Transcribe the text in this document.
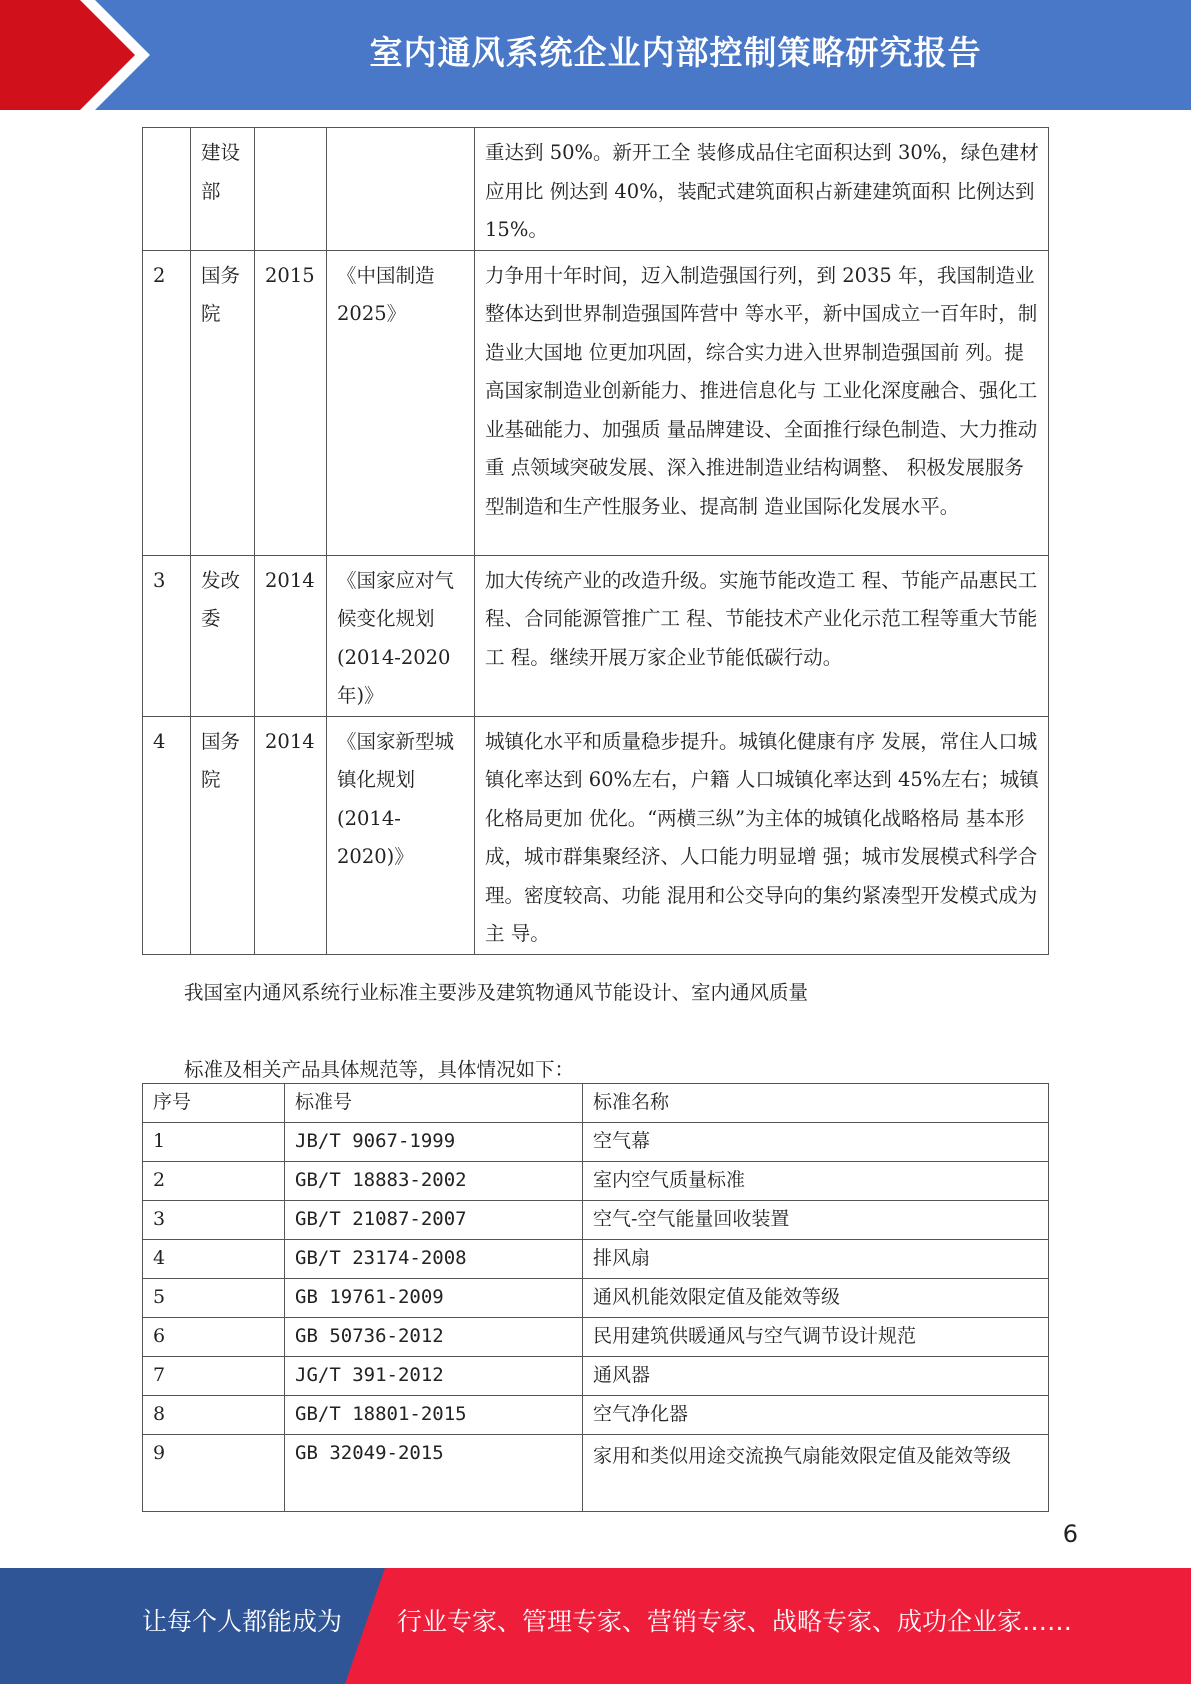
室内通风系统企业内部控制策略研究报告
	建设部			重达到 50%。新开工全 装修成品住宅面积达到 30%，绿色建材应用比 例达到 40%，装配式建筑面积占新建建筑面积 比例达到 15%。
2	国务院	2015	《中国制造2025》	力争用十年时间，迈入制造强国行列，到 2035 年，我国制造业整体达到世界制造强国阵营中 等水平，新中国成立一百年时，制造业大国地 位更加巩固，综合实力进入世界制造强国前 列。提高国家制造业创新能力、推进信息化与 工业化深度融合、强化工业基础能力、加强质 量品牌建设、全面推行绿色制造、大力推动重 点领域突破发展、深入推进制造业结构调整、 积极发展服务型制造和生产性服务业、提高制 造业国际化发展水平。
3	发改委	2014	《国家应对气候变化规划(2014-2020年)》	加大传统产业的改造升级。实施节能改造工 程、节能产品惠民工程、合同能源管推广工 程、节能技术产业化示范工程等重大节能工 程。继续开展万家企业节能低碳行动。
4	国务院	2014	《国家新型城镇化规划(2014-2020)》	城镇化水平和质量稳步提升。城镇化健康有序 发展，常住人口城镇化率达到 60%左右，户籍 人口城镇化率达到 45%左右；城镇化格局更加 优化。“两横三纵”为主体的城镇化战略格局 基本形成，城市群集聚经济、人口能力明显增 强；城市发展模式科学合理。密度较高、功能 混用和公交导向的集约紧凑型开发模式成为主 导。

我国室内通风系统行业标准主要涉及建筑物通风节能设计、室内通风质量

标准及相关产品具体规范等，具体情况如下：

序号	标准号	标准名称
1	JB/T 9067-1999	空气幕
2	GB/T 18883-2002	室内空气质量标准
3	GB/T 21087-2007	空气-空气能量回收装置
4	GB/T 23174-2008	排风扇
5	GB 19761-2009	通风机能效限定值及能效等级
6	GB 50736-2012	民用建筑供暖通风与空气调节设计规范
7	JG/T 391-2012	通风器
8	GB/T 18801-2015	空气净化器
9	GB 32049-2015	家用和类似用途交流换气扇能效限定值及能效等级
6
让每个人都能成为 行业专家、管理专家、营销专家、战略专家、成功企业家……
